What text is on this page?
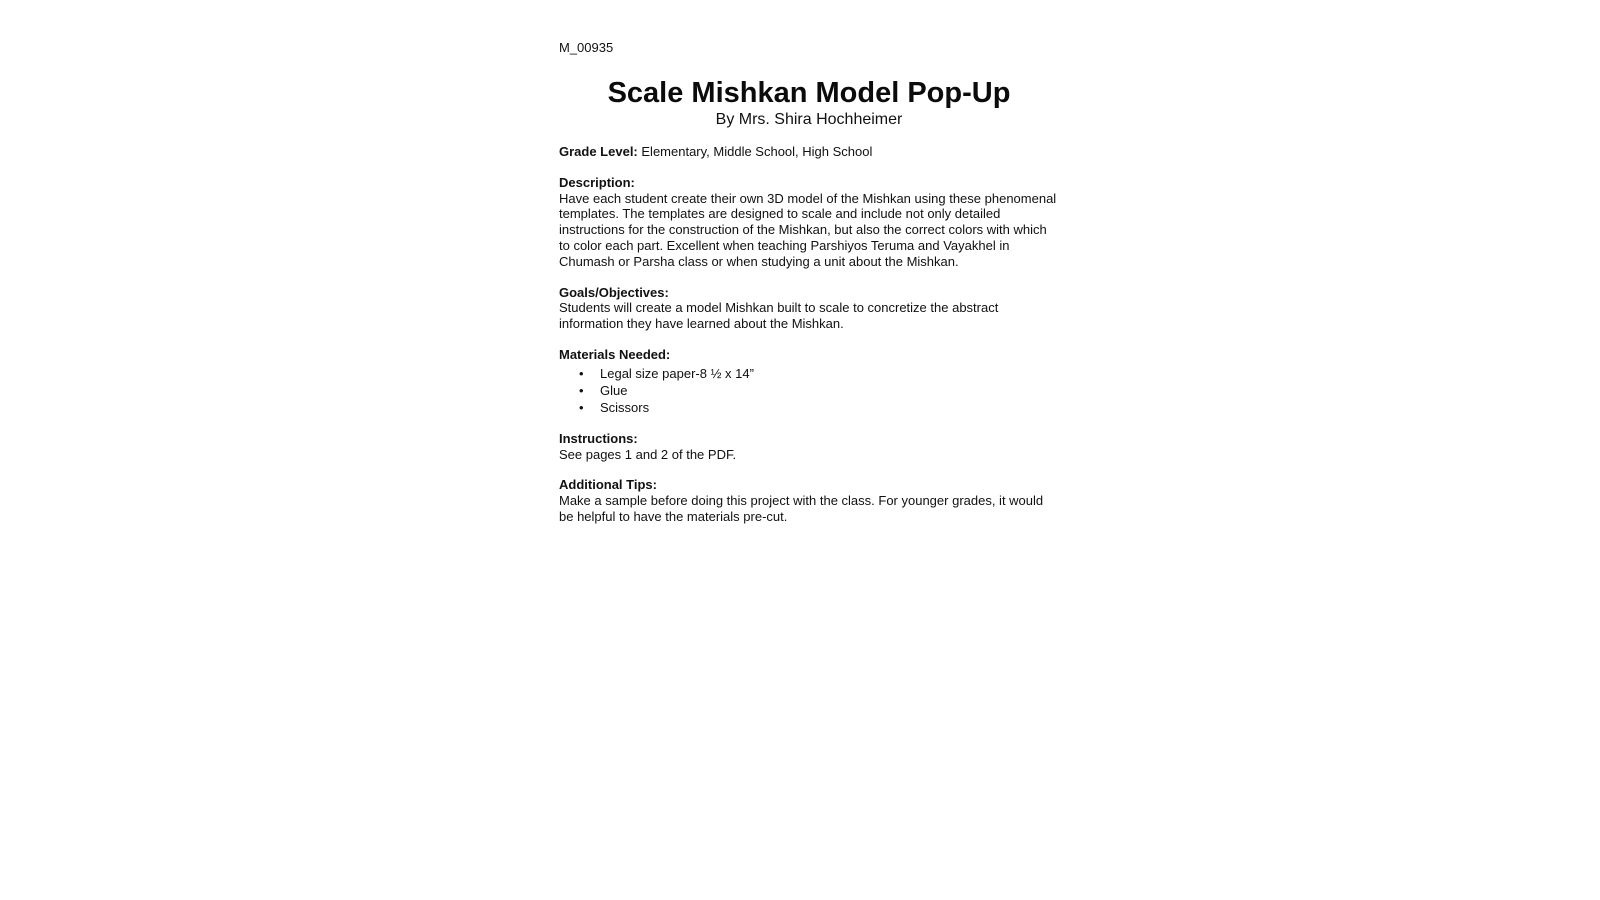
M_00935
Scale Mishkan Model Pop-Up
By Mrs. Shira Hochheimer
Grade Level: Elementary, Middle School, High School
Description:
Have each student create their own 3D model of the Mishkan using these phenomenal templates. The templates are designed to scale and include not only detailed instructions for the construction of the Mishkan, but also the correct colors with which to color each part. Excellent when teaching Parshiyos Teruma and Vayakhel in Chumash or Parsha class or when studying a unit about the Mishkan.
Goals/Objectives:
Students will create a model Mishkan built to scale to concretize the abstract information they have learned about the Mishkan.
Materials Needed:
• Legal size paper-8 ½ x 14”
• Glue
• Scissors
Instructions:
See pages 1 and 2 of the PDF.
Additional Tips:
Make a sample before doing this project with the class. For younger grades, it would be helpful to have the materials pre-cut.
